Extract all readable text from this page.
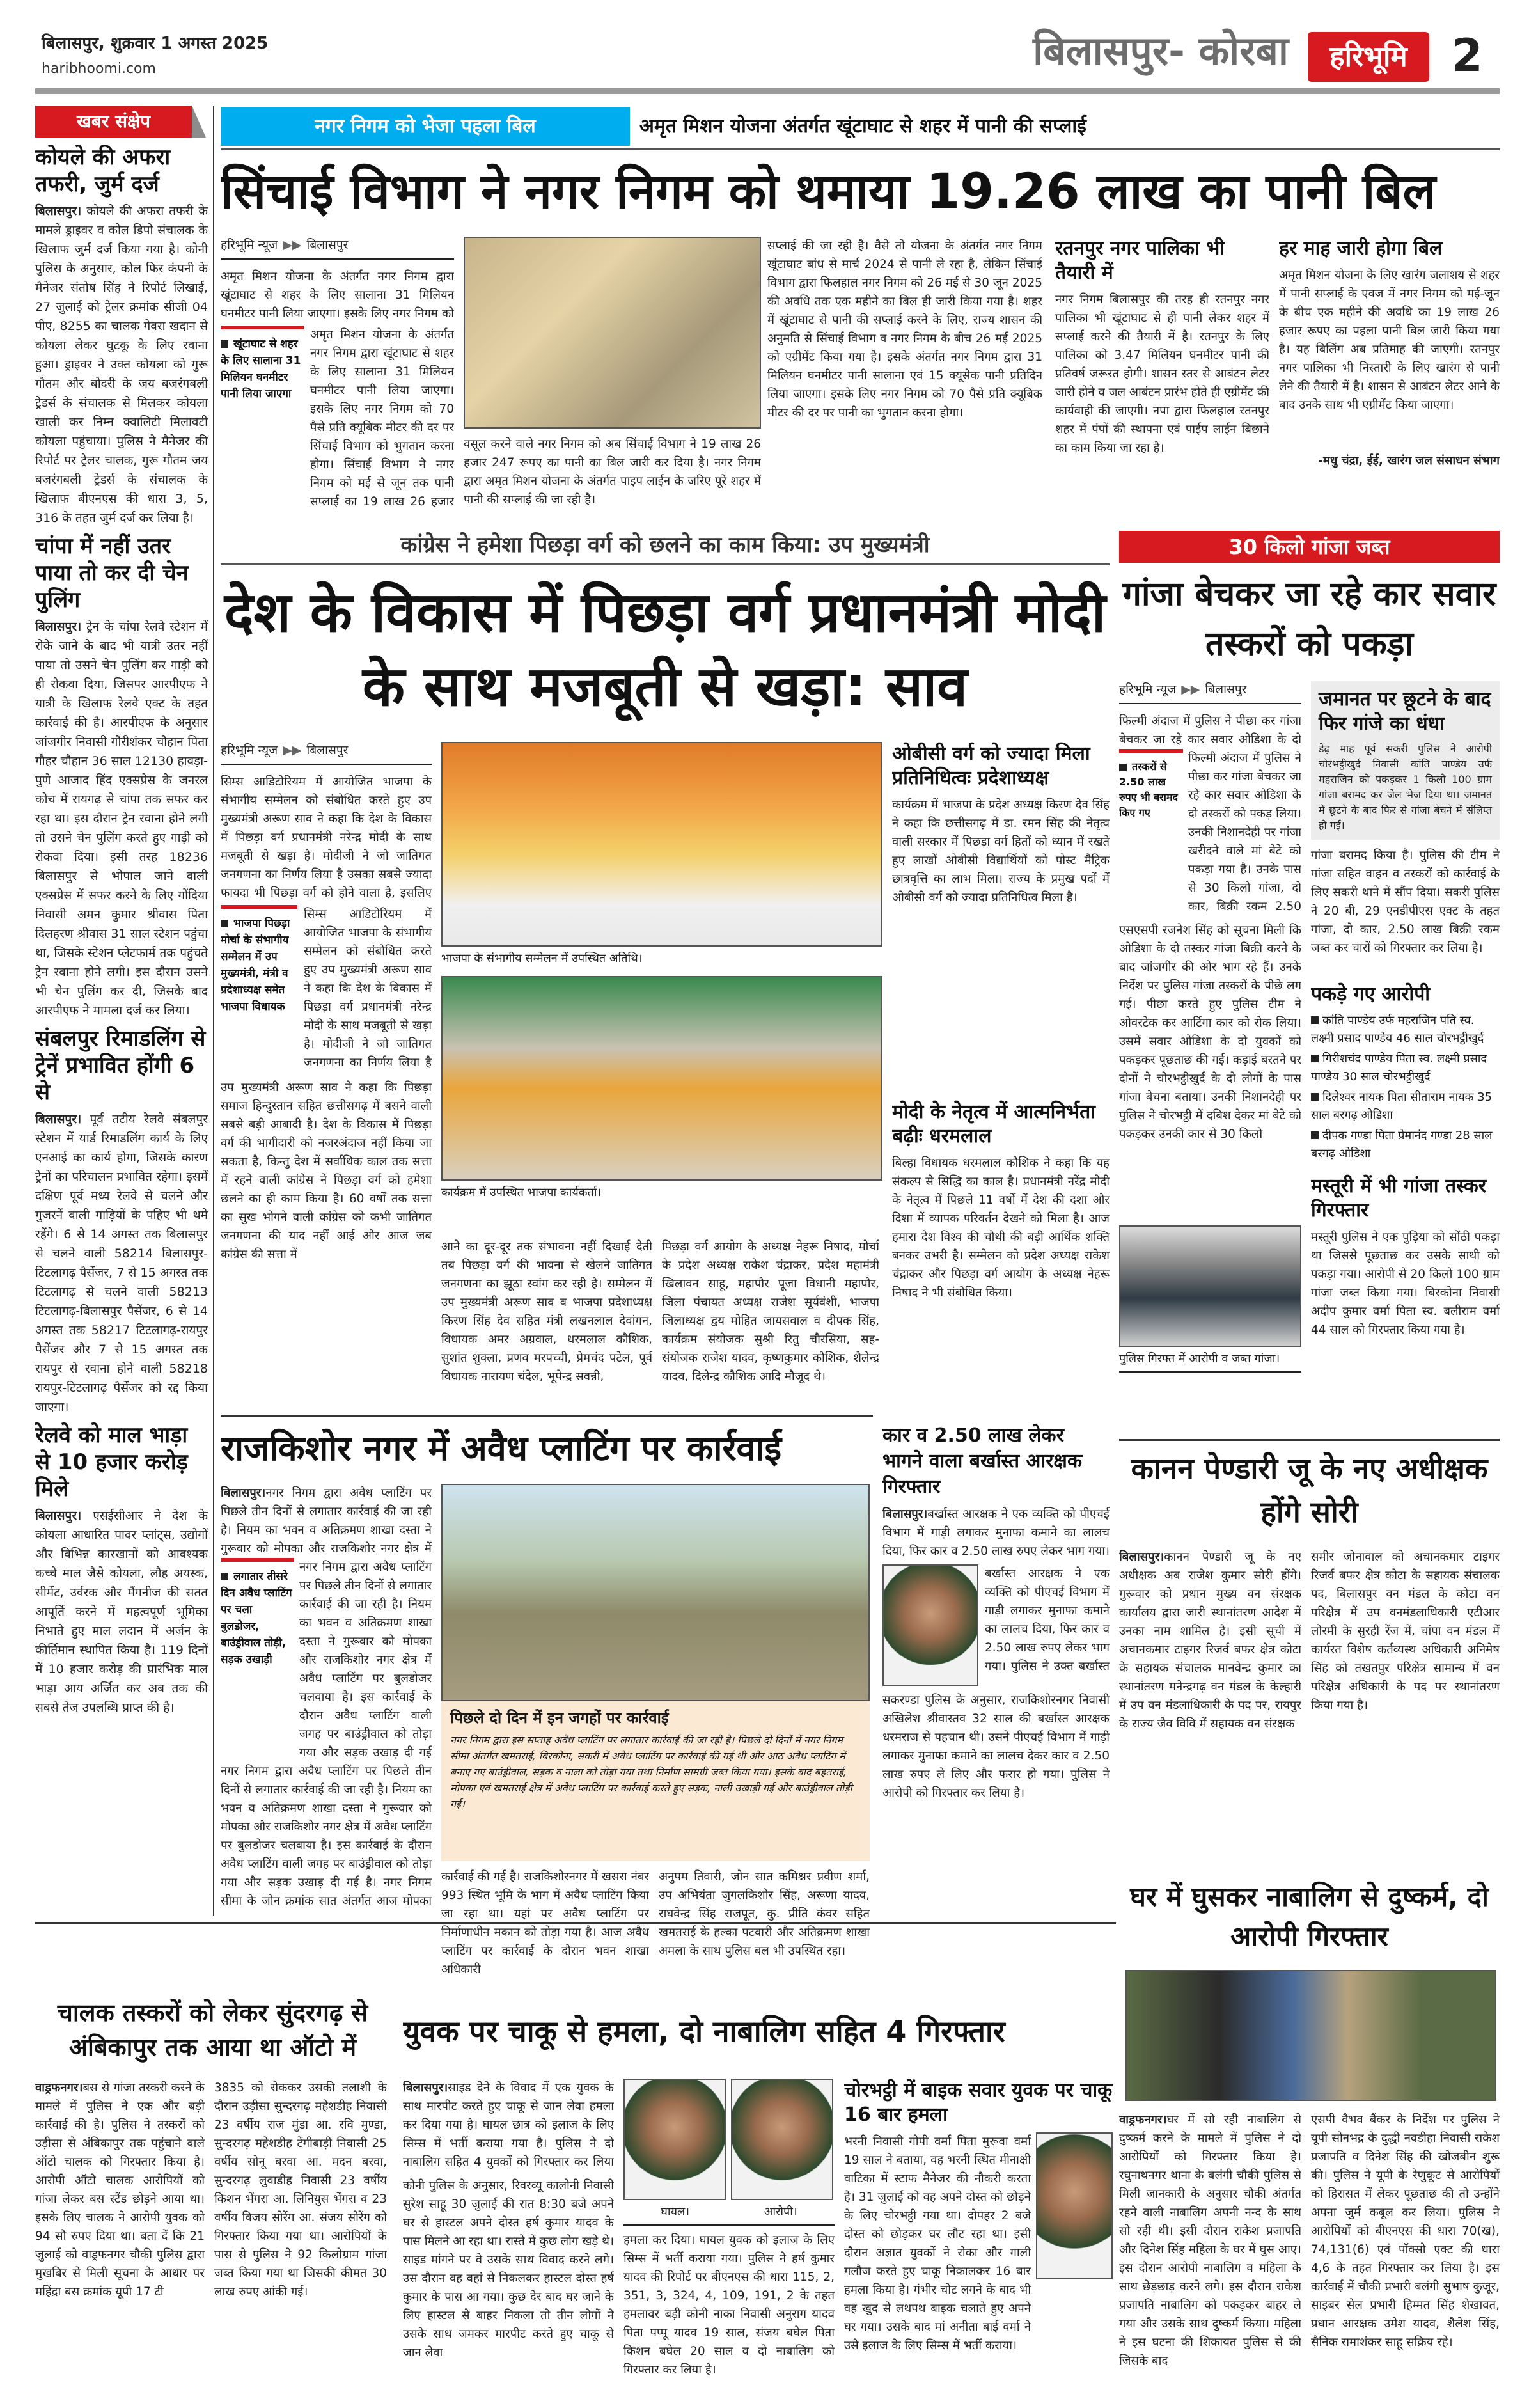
बिलासपुर, शुक्रवार 1 अगस्त 2025
haribhoomi.com	बिलासपुर- कोरबा	हरिभूमि 2
खबर संक्षेप
कोयले की अफरा तफरी, जुर्म दर्ज
बिलासपुर। कोयले की अफरा तफरी के मामले ड्राइवर व कोल डिपो संचालक के खिलाफ जुर्म दर्ज किया गया है। कोनी पुलिस के अनुसार, कोल फिर कंपनी के मैनेजर संतोष सिंह ने रिपोर्ट लिखाई, 27 जुलाई को ट्रेलर क्रमांक सीजी 04 पीए, 8255 का चालक गेवरा खदान से कोयला लेकर घुटकू के लिए रवाना हुआ। ड्राइवर ने उक्त कोयला को गुरू गौतम और बोदरी के जय बजरंगबली ट्रेडर्स के संचालक से मिलकर कोयला खाली कर निम्न क्वालिटी मिलावटी कोयला पहुंचाया। पुलिस ने मैनेजर की रिपोर्ट पर ट्रेलर चालक, गुरू गौतम जय बजरंगबली ट्रेडर्स के संचालक के खिलाफ बीएनएस की धारा 3, 5, 316 के तहत जुर्म दर्ज कर लिया है।
चांपा में नहीं उतर पाया तो कर दी चेन पुलिंग
बिलासपुर। ट्रेन के चांपा रेलवे स्टेशन में रोके जाने के बाद भी यात्री उतर नहीं पाया तो उसने चेन पुलिंग कर गाड़ी को ही रोकवा दिया, जिसपर आरपीएफ ने यात्री के खिलाफ रेलवे एक्ट के तहत कार्रवाई की है। आरपीएफ के अनुसार जांजगीर निवासी गौरीशंकर चौहान पिता गौहर चौहान 36 साल 12130 हावड़ा-पुणे आजाद हिंद एक्सप्रेस के जनरल कोच में रायगढ़ से चांपा तक सफर कर रहा था। इस दौरान ट्रेन रवाना होने लगी तो उसने चेन पुलिंग करते हुए गाड़ी को रोकवा दिया। इसी तरह 18236 बिलासपुर से भोपाल जाने वाली एक्सप्रेस में सफर करने के लिए गोंदिया निवासी अमन कुमार श्रीवास पिता दिलहरण श्रीवास 31 साल स्टेशन पहुंचा था, जिसके स्टेशन प्लेटफार्म तक पहुंचते ट्रेन रवाना होने लगी। इस दौरान उसने भी चेन पुलिंग कर दी, जिसके बाद आरपीएफ ने मामला दर्ज कर लिया।
संबलपुर रिमाडलिंग से ट्रेनें प्रभावित होंगी 6 से
बिलासपुर। पूर्व तटीय रेलवे संबलपुर स्टेशन में यार्ड रिमाडलिंग कार्य के लिए एनआई का कार्य होगा, जिसके कारण ट्रेनों का परिचालन प्रभावित रहेगा। इसमें दक्षिण पूर्व मध्य रेलवे से चलने और गुजरनें वाली गाड़ियों के पहिए भी थमे रहेंगे। 6 से 14 अगस्त तक बिलासपुर से चलने वाली 58214 बिलासपुर-टिटलागढ़ पैसेंजर, 7 से 15 अगस्त तक टिटलागढ़ से चलने वाली 58213 टिटलागढ़-बिलासपुर पैसेंजर, 6 से 14 अगस्त तक 58217 टिटलागढ़-रायपुर पैसेंजर और 7 से 15 अगस्त तक रायपुर से रवाना होने वाली 58218 रायपुर-टिटलागढ़ पैसेंजर को रद्द किया जाएगा।
रेलवे को माल भाड़ा से 10 हजार करोड़ मिले
बिलासपुर। एसईसीआर ने देश के कोयला आधारित पावर प्लांट्स, उद्योगों और विभिन्न कारखानों को आवश्यक कच्चे माल जैसे कोयला, लौह अयस्क, सीमेंट, उर्वरक और मैंगनीज की सतत आपूर्ति करने में महत्वपूर्ण भूमिका निभाते हुए माल लदान में अर्जन के कीर्तिमान स्थापित किया है। 119 दिनों में 10 हजार करोड़ की प्रारंभिक माल भाड़ा आय अर्जित कर अब तक की सबसे तेज उपलब्धि प्राप्त की है।
नगर निगम को भेजा पहला बिल	अमृत मिशन योजना अंतर्गत खूंटाघाट से शहर में पानी की सप्लाई
सिंचाई विभाग ने नगर निगम को थमाया 19.26 लाख का पानी बिल
हरिभूमि न्यूज ▶▶ बिलासपुर
अमृत मिशन योजना के अंतर्गत नगर निगम द्वारा खूंटाघाट से शहर के लिए सालाना 31 मिलियन घनमीटर पानी लिया जाएगा। इसके लिए नगर निगम को
खूंटाघाट से शहर के लिए सालाना 31 मिलियन घनमीटर पानी लिया जाएगा
अमृत मिशन योजना के अंतर्गत नगर निगम द्वारा खूंटाघाट से शहर के लिए सालाना 31 मिलियन घनमीटर पानी लिया जाएगा। इसके लिए नगर निगम को 70 पैसे प्रति क्यूबिक मीटर की दर पर सिंचाई विभाग को भुगतान करना होगा। सिंचाई विभाग ने नगर निगम को मई से जून तक पानी सप्लाई का 19 लाख 26 हजार
वसूल करने वाले नगर निगम को अब सिंचाई विभाग ने 19 लाख 26 हजार 247 रूपए का पानी का बिल जारी कर दिया है। नगर निगम द्वारा अमृत मिशन योजना के अंतर्गत पाइप लाईन के जरिए पूरे शहर में पानी की सप्लाई की जा रही है।
सप्लाई की जा रही है। वैसे तो योजना के अंतर्गत नगर निगम खूंटाघाट बांध से मार्च 2024 से पानी ले रहा है, लेकिन सिंचाई विभाग द्वारा फिलहाल नगर निगम को 26 मई से 30 जून 2025 की अवधि तक एक महीने का बिल ही जारी किया गया है। शहर में खूंटाघाट से पानी की सप्लाई करने के लिए, राज्य शासन की अनुमति से सिंचाई विभाग व नगर निगम के बीच 26 मई 2025 को एग्रीमेंट किया गया है। इसके अंतर्गत नगर निगम द्वारा 31 मिलियन घनमीटर पानी सालाना एवं 15 क्यूसेक पानी प्रतिदिन लिया जाएगा। इसके लिए नगर निगम को 70 पैसे प्रति क्यूबिक मीटर की दर पर पानी का भुगतान करना होगा।
रतनपुर नगर पालिका भी तैयारी में
नगर निगम बिलासपुर की तरह ही रतनपुर नगर पालिका भी खूंटाघाट से ही पानी लेकर शहर में सप्लाई करने की तैयारी में है। रतनपुर के लिए पालिका को 3.47 मिलियन घनमीटर पानी की प्रतिवर्ष जरूरत होगी। शासन स्तर से आबंटन लेटर जारी होने व जल आबंटन प्रारंभ होते ही एग्रीमेंट की कार्यवाही की जाएगी। नपा द्वारा फिलहाल रतनपुर शहर में पंपों की स्थापना एवं पाईप लाईन बिछाने का काम किया जा रहा है।
हर माह जारी होगा बिल
अमृत मिशन योजना के लिए खारंग जलाशय से शहर में पानी सप्लाई के एवज में नगर निगम को मई-जून के बीच एक महीने की अवधि का 19 लाख 26 हजार रूपए का पहला पानी बिल जारी किया गया है। यह बिलिंग अब प्रतिमाह की जाएगी। रतनपुर नगर पालिका भी निस्तारी के लिए खारंग से पानी लेने की तैयारी में है। शासन से आबंटन लेटर आने के बाद उनके साथ भी एग्रीमेंट किया जाएगा।
-मधु चंद्रा, ईई, खारंग जल संसाधन संभाग
कांग्रेस ने हमेशा पिछड़ा वर्ग को छलने का काम किया: उप मुख्यमंत्री
देश के विकास में पिछड़ा वर्ग प्रधानमंत्री मोदी के साथ मजबूती से खड़ा: साव
हरिभूमि न्यूज ▶▶ बिलासपुर
सिम्स आडिटोरियम में आयोजित भाजपा के संभागीय सम्मेलन को संबोधित करते हुए उप मुख्यमंत्री अरूण साव ने कहा कि देश के विकास में पिछड़ा वर्ग प्रधानमंत्री नरेन्द्र मोदी के साथ मजबूती से खड़ा है। मोदीजी ने जो जातिगत जनगणना का निर्णय लिया है उसका सबसे ज्यादा फायदा भी पिछड़ा वर्ग को होने वाला है, इसलिए
भाजपा पिछड़ा मोर्चा के संभागीय सम्मेलन में उप मुख्यमंत्री, मंत्री व प्रदेशाध्यक्ष समेत भाजपा विधायक
सिम्स आडिटोरियम में आयोजित भाजपा के संभागीय सम्मेलन को संबोधित करते हुए उप मुख्यमंत्री अरूण साव ने कहा कि देश के विकास में पिछड़ा वर्ग प्रधानमंत्री नरेन्द्र मोदी के साथ मजबूती से खड़ा है। मोदीजी ने जो जातिगत जनगणना का निर्णय लिया है
उप मुख्यमंत्री अरूण साव ने कहा कि पिछड़ा समाज हिन्दुस्तान सहित छत्तीसगढ़ में बसने वाली सबसे बड़ी आबादी है। देश के विकास में पिछड़ा वर्ग की भागीदारी को नजरअंदाज नहीं किया जा सकता है, किन्तु देश में सर्वाधिक काल तक सत्ता में रहने वाली कांग्रेस ने पिछड़ा वर्ग को हमेशा छलने का ही काम किया है। 60 वर्षों तक सत्ता का सुख भोगने वाली कांग्रेस को कभी जातिगत जनगणना की याद नहीं आई और आज जब कांग्रेस की सत्ता में
भाजपा के संभागीय सम्मेलन में उपस्थित अतिथि।
कार्यक्रम में उपस्थित भाजपा कार्यकर्ता।
आने का दूर-दूर तक संभावना नहीं दिखाई देती तब पिछड़ा वर्ग की भावना से खेलने जातिगत जनगणना का झूठा स्वांग कर रही है। सम्मेलन में उप मुख्यमंत्री अरूण साव व भाजपा प्रदेशाध्यक्ष किरण सिंह देव सहित मंत्री लखनलाल देवांगन, विधायक अमर अग्रवाल, धरमलाल कौशिक, सुशांत शुक्ला, प्रणव मरपच्ची, प्रेमचंद पटेल, पूर्व विधायक नारायण चंदेल, भूपेन्द्र सवन्नी,
पिछड़ा वर्ग आयोग के अध्यक्ष नेहरू निषाद, मोर्चा के प्रदेश अध्यक्ष राकेश चंद्राकर, प्रदेश महामंत्री खिलावन साहू, महापौर पूजा विधानी महापौर, जिला पंचायत अध्यक्ष राजेश सूर्यवंशी, भाजपा जिलाध्यक्ष द्वय मोहित जायसवाल व दीपक सिंह, कार्यक्रम संयोजक सुश्री रितु चौरसिया, सह-संयोजक राजेश यादव, कृष्णकुमार कौशिक, शैलेन्द्र यादव, दिलेन्द्र कौशिक आदि मौजूद थे।
ओबीसी वर्ग को ज्यादा मिला प्रतिनिधित्वः प्रदेशाध्यक्ष
कार्यक्रम में भाजपा के प्रदेश अध्यक्ष किरण देव सिंह ने कहा कि छत्तीसगढ़ में डा. रमन सिंह की नेतृत्व वाली सरकार में पिछड़ा वर्ग हितों को ध्यान में रखते हुए लाखों ओबीसी विद्यार्थियों को पोस्ट मैट्रिक छात्रवृत्ति का लाभ मिला। राज्य के प्रमुख पदों में ओबीसी वर्ग को ज्यादा प्रतिनिधित्व मिला है।
मोदी के नेतृत्व में आत्मनिर्भता बढ़ीः धरमलाल
बिल्हा विधायक धरमलाल कौशिक ने कहा कि यह संकल्प से सिद्धि का काल है। प्रधानमंत्री नरेंद्र मोदी के नेतृत्व में पिछले 11 वर्षों में देश की दशा और दिशा में व्यापक परिवर्तन देखने को मिला है। आज हमारा देश विश्व की चौथी की बड़ी आर्थिक शक्ति बनकर उभरी है। सम्मेलन को प्रदेश अध्यक्ष राकेश चंद्राकर और पिछड़ा वर्ग आयोग के अध्यक्ष नेहरू निषाद ने भी संबोधित किया।
30 किलो गांजा जब्त
गांजा बेचकर जा रहे कार सवार तस्करों को पकड़ा
हरिभूमि न्यूज ▶▶ बिलासपुर
फिल्मी अंदाज में पुलिस ने पीछा कर गांजा बेचकर जा रहे कार सवार ओडिशा के दो
तस्करों से 2.50 लाख रुपए भी बरामद किए गए
फिल्मी अंदाज में पुलिस ने पीछा कर गांजा बेचकर जा रहे कार सवार ओडिशा के दो तस्करों को पकड़ लिया। उनकी निशानदेही पर गांजा खरीदने वाले मां बेटे को पकड़ा गया है। उनके पास से 30 किलो गांजा, दो कार, बिक्री रकम 2.50
एसएसपी रजनेश सिंह को सूचना मिली कि ओडिशा के दो तस्कर गांजा बिक्री करने के बाद जांजगीर की ओर भाग रहे हैं। उनके निर्देश पर पुलिस गांजा तस्करों के पीछे लग गई। पीछा करते हुए पुलिस टीम ने ओवरटेक कर आर्टिगा कार को रोक लिया। उसमें सवार ओडिशा के दो युवकों को पकड़कर पूछताछ की गई। कड़ाई बरतने पर दोनों ने चोरभट्ठीखुर्द के दो लोगों के पास गांजा बेचना बताया। उनकी निशानदेही पर पुलिस ने चोरभट्ठी में दबिश देकर मां बेटे को पकड़कर उनकी कार से 30 किलो
पुलिस गिरफ्त में आरोपी व जब्त गांजा।
जमानत पर छूटने के बाद फिर गांजे का धंधा
डेढ़ माह पूर्व सकरी पुलिस ने आरोपी चोरभट्ठीखुर्द निवासी कांति पाण्डेय उर्फ महराजिन को पकड़कर 1 किलो 100 ग्राम गांजा बरामद कर जेल भेज दिया था। जमानत में छूटने के बाद फिर से गांजा बेचने में संलिप्त हो गई।
गांजा बरामद किया है। पुलिस की टीम ने गांजा सहित वाहन व तस्करों को कार्रवाई के लिए सकरी थाने में सौंप दिया। सकरी पुलिस ने 20 बी, 29 एनडीपीएस एक्ट के तहत गांजा, दो कार, 2.50 लाख बिक्री रकम जब्त कर चारों को गिरफ्तार कर लिया है।
पकड़े गए आरोपी
कांति पाण्डेय उर्फ महराजिन पति स्व. लक्ष्मी प्रसाद पाण्डेय 46 साल चोरभट्ठीखुर्द
गिरीशचंद पाण्डेय पिता स्व. लक्ष्मी प्रसाद पाण्डेय 30 साल चोरभट्ठीखुर्द
दिलेश्वर नायक पिता सीताराम नायक 35 साल बरगढ़ ओडिशा
दीपक गण्डा पिता प्रेमानंद गण्डा 28 साल बरगढ़ ओडिशा
मस्तूरी में भी गांजा तस्कर गिरफ्तार
मस्तूरी पुलिस ने एक पुड़िया को सोंठी पकड़ा था जिससे पूछताछ कर उसके साथी को पकड़ा गया। आरोपी से 20 किलो 100 ग्राम गांजा जब्त किया गया। बिरकोना निवासी अदीप कुमार वर्मा पिता स्व. बलीराम वर्मा 44 साल को गिरफ्तार किया गया है।
राजकिशोर नगर में अवैध प्लाटिंग पर कार्रवाई
बिलासपुर।नगर निगम द्वारा अवैध प्लाटिंग पर पिछले तीन दिनों से लगातार कार्रवाई की जा रही है। नियम का भवन व अतिक्रमण शाखा दस्ता ने गुरूवार को मोपका और राजकिशोर नगर क्षेत्र में
लगातार तीसरे दिन अवैध प्लाटिंग पर चला बुलडोजर, बाउंड्रीवाल तोड़ी, सड़क उखाड़ी
नगर निगम द्वारा अवैध प्लाटिंग पर पिछले तीन दिनों से लगातार कार्रवाई की जा रही है। नियम का भवन व अतिक्रमण शाखा दस्ता ने गुरूवार को मोपका और राजकिशोर नगर क्षेत्र में अवैध प्लाटिंग पर बुलडोजर चलवाया है। इस कार्रवाई के दौरान अवैध प्लाटिंग वाली जगह पर बाउंड्रीवाल को तोड़ा गया और सड़क उखाड़ दी गई
नगर निगम द्वारा अवैध प्लाटिंग पर पिछले तीन दिनों से लगातार कार्रवाई की जा रही है। नियम का भवन व अतिक्रमण शाखा दस्ता ने गुरूवार को मोपका और राजकिशोर नगर क्षेत्र में अवैध प्लाटिंग पर बुलडोजर चलवाया है। इस कार्रवाई के दौरान अवैध प्लाटिंग वाली जगह पर बाउंड्रीवाल को तोड़ा गया और सड़क उखाड़ दी गई है। नगर निगम सीमा के जोन क्रमांक सात अंतर्गत आज मोपका
पिछले दो दिन में इन जगहों पर कार्रवाई
नगर निगम द्वारा इस सप्ताह अवैध प्लाटिंग पर लगातार कार्रवाई की जा रही है। पिछले दो दिनों में नगर निगम सीमा अंतर्गत खमतराई, बिरकोना, सकरी में अवैध प्लाटिंग पर कार्रवाई की गई थी और आठ अवैध प्लाटिंग में बनाए गए बाउंड्रीवाल, सड़क व नाला को तोड़ा गया तथा निर्माण सामग्री जब्त किया गया। इसके बाद बहतराई, मोपका एवं खमतराई क्षेत्र में अवैध प्लाटिंग पर कार्रवाई करते हुए सड़क, नाली उखाड़ी गई और बाउंड्रीवाल तोड़ी गई।
कार्रवाई की गई है। राजकिशोरनगर में खसरा नंबर 993 स्थित भूमि के भाग में अवैध प्लाटिंग किया जा रहा था। यहां पर अवैध प्लाटिंग पर निर्माणाधीन मकान को तोड़ा गया है। आज अवैध प्लाटिंग पर कार्रवाई के दौरान भवन शाखा अधिकारी
अनुपम तिवारी, जोन सात कमिश्नर प्रवीण शर्मा, उप अभियंता जुगलकिशोर सिंह, अरूणा यादव, राघवेन्द्र सिंह राजपूत, कु. प्रीति कंवर सहित खमतराई के हल्का पटवारी और अतिक्रमण शाखा अमला के साथ पुलिस बल भी उपस्थित रहा।
कार व 2.50 लाख लेकर भागने वाला बर्खास्त आरक्षक गिरफ्तार
बिलासपुर।बर्खास्त आरक्षक ने एक व्यक्ति को पीएचई विभाग में गाड़ी लगाकर मुनाफा कमाने का लालच दिया, फिर कार व 2.50 लाख रुपए लेकर भाग गया।
बर्खास्त आरक्षक ने एक व्यक्ति को पीएचई विभाग में गाड़ी लगाकर मुनाफा कमाने का लालच दिया, फिर कार व 2.50 लाख रुपए लेकर भाग गया। पुलिस ने उक्त बर्खास्त
सकरण्डा पुलिस के अनुसार, राजकिशोरनगर निवासी अखिलेश श्रीवास्तव 32 साल की बर्खास्त आरक्षक धरमराज से पहचान थी। उसने पीएचई विभाग में गाड़ी लगाकर मुनाफा कमाने का लालच देकर कार व 2.50 लाख रुपए ले लिए और फरार हो गया। पुलिस ने आरोपी को गिरफ्तार कर लिया है।
कानन पेण्डारी जू के नए अधीक्षक होंगे सोरी
बिलासपुर।कानन पेण्डारी जू के नए अधीक्षक अब राजेश कुमार सोरी होंगे। गुरूवार को प्रधान मुख्य वन संरक्षक कार्यालय द्वारा जारी स्थानांतरण आदेश में उनका नाम शामिल है। इसी सूची में अचानकमार टाइगर रिजर्व बफर क्षेत्र कोटा के सहायक संचालक मानवेन्द्र कुमार का स्थानांतरण मनेन्द्रगढ़ वन मंडल के केल्हारी में उप वन मंडलाधिकारी के पद पर, रायपुर के राज्य जैव विवि में सहायक वन संरक्षक
समीर जोनावाल को अचानकमार टाइगर रिजर्व बफर क्षेत्र कोटा के सहायक संचालक पद, बिलासपुर वन मंडल के कोटा वन परिक्षेत्र में उप वनमंडलाधिकारी एटीआर लोरमी के सुरही रेंज में, चांपा वन मंडल में कार्यरत विशेष कर्तव्यस्थ अधिकारी अनिमेष सिंह को तखतपुर परिक्षेत्र सामान्य में वन परिक्षेत्र अधिकारी के पद पर स्थानांतरण किया गया है।
घर में घुसकर नाबालिग से दुष्कर्म, दो आरोपी गिरफ्तार
वाड्रफनगर।घर में सो रही नाबालिग से दुष्कर्म करने के मामले में पुलिस ने दो आरोपियों को गिरफ्तार किया है। रघुनाथनगर थाना के बलंगी चौकी पुलिस से मिली जानकारी के अनुसार चौकी अंतर्गत रहने वाली नाबालिग अपनी नन्द के साथ सो रही थी। इसी दौरान राकेश प्रजापति और दिनेश सिंह महिला के घर में घुस आए। इस दौरान आरोपी नाबालिग व महिला के साथ छेड़छाड़ करने लगे। इस दौरान राकेश प्रजापति नाबालिग को पकड़कर बाहर ले गया और उसके साथ दुष्कर्म किया। महिला ने इस घटना की शिकायत पुलिस से की जिसके बाद
एसपी वैभव बैंकर के निर्देश पर पुलिस ने यूपी सोनभद्र के दुद्धी नवडीहा निवासी राकेश प्रजापति व दिनेश सिंह की खोजबीन शुरू की। पुलिस ने यूपी के रेणुकूट से आरोपियों को हिरासत में लेकर पूछताछ की तो उन्होंने अपना जुर्म कबूल कर लिया। पुलिस ने आरोपियों को बीएनएस की धारा 70(ख), 74,131(6) एवं पॉक्सो एक्ट की धारा 4,6 के तहत गिरफ्तार कर लिया है। इस कार्रवाई में चौकी प्रभारी बलंगी सुभाष कुजूर, साइबर सेल प्रभारी हिम्मत सिंह शेखावत, प्रधान आरक्षक उमेश यादव, शैलेश सिंह, सैनिक रामाशंकर साहू सक्रिय रहे।
चालक तस्करों को लेकर सुंदरगढ़ से अंबिकापुर तक आया था ऑटो में
वाड्रफनगर।बस से गांजा तस्करी करने के मामले में पुलिस ने एक और बड़ी कार्रवाई की है। पुलिस ने तस्करों को उड़ीसा से अंबिकापुर तक पहुंचाने वाले ऑटो चालक को गिरफ्तार किया है। आरोपी ऑटो चालक आरोपियों को गांजा लेकर बस स्टैंड छोड़ने आया था। इसके लिए चालक ने आरोपी युवक को 94 सौ रुपए दिया था। बता दें कि 21 जुलाई को वाड्रफनगर चौकी पुलिस द्वारा मुखबिर से मिली सूचना के आधार पर महिंद्रा बस क्रमांक यूपी 17 टी
3835 को रोककर उसकी तलाशी के दौरान उड़ीसा सुन्दरगढ़ महेशडीह निवासी 23 वर्षीय राज मुंडा आ. रवि मुण्डा, सुन्दरगढ़ महेशडीह टेंगीबाड़ी निवासी 25 वर्षीय सोनू बरवा आ. मदन बरवा, सुन्दरगढ़ लुवाडीह निवासी 23 वर्षीय किशन भेंगरा आ. लिनियुस भेंगरा व 23 वर्षीय विजय सोरेंग आ. संजय सोरेंग को गिरफ्तार किया गया था। आरोपियों के पास से पुलिस ने 92 किलोग्राम गांजा जब्त किया गया था जिसकी कीमत 30 लाख रुपए आंकी गई।
युवक पर चाकू से हमला, दो नाबालिग सहित 4 गिरफ्तार
बिलासपुर।साइड देने के विवाद में एक युवक के साथ मारपीट करते हुए चाकू से जान लेवा हमला कर दिया गया है। घायल छात्र को इलाज के लिए सिम्स में भर्ती कराया गया है। पुलिस ने दो नाबालिग सहित 4 युवकों को गिरफ्तार कर लिया
कोनी पुलिस के अनुसार, रिवरव्यू कालोनी निवासी सुरेश साहू 30 जुलाई की रात 8:30 बजे अपने घर से हास्टल अपने दोस्त हर्ष कुमार यादव के पास मिलने आ रहा था। रास्ते में कुछ लोग खड़े थे। साइड मांगने पर वे उसके साथ विवाद करने लगे। उस दौरान वह वहां से निकलकर हास्टल दोस्त हर्ष कुमार के पास आ गया। कुछ देर बाद घर जाने के लिए हास्टल से बाहर निकला तो तीन लोगों ने उसके साथ जमकर मारपीट करते हुए चाकू से जान लेवा
घायल।	आरोपी।
हमला कर दिया। घायल युवक को इलाज के लिए सिम्स में भर्ती कराया गया। पुलिस ने हर्ष कुमार यादव की रिपोर्ट पर बीएनएस की धारा 115, 2, 351, 3, 324, 4, 109, 191, 2 के तहत हमलावर बड़ी कोनी नाका निवासी अनुराग यादव पिता पप्पू यादव 19 साल, संजय बघेल पिता किशन बघेल 20 साल व दो नाबालिग को गिरफ्तार कर लिया है।
चोरभट्ठी में बाइक सवार युवक पर चाकू 16 बार हमला
भरनी निवासी गोपी वर्मा पिता मुरूवा वर्मा 19 साल ने बताया, वह भरनी स्थित मीनाक्षी वाटिका में स्टाफ मैनेजर की नौकरी करता है। 31 जुलाई को वह अपने दोस्त को छोड़ने के लिए चोरभट्ठी गया था। दोपहर 2 बजे दोस्त को छोड़कर घर लौट रहा था। इसी दौरान अज्ञात युवकों ने रोका और गाली गलौज करते हुए चाकू निकालकर 16 बार हमला किया है। गंभीर चोट लगने के बाद भी वह खुद से लथपथ बाइक चलाते हुए अपने घर गया। उसके बाद मां अनीता बाई वर्मा ने उसे इलाज के लिए सिम्स में भर्ती कराया।
